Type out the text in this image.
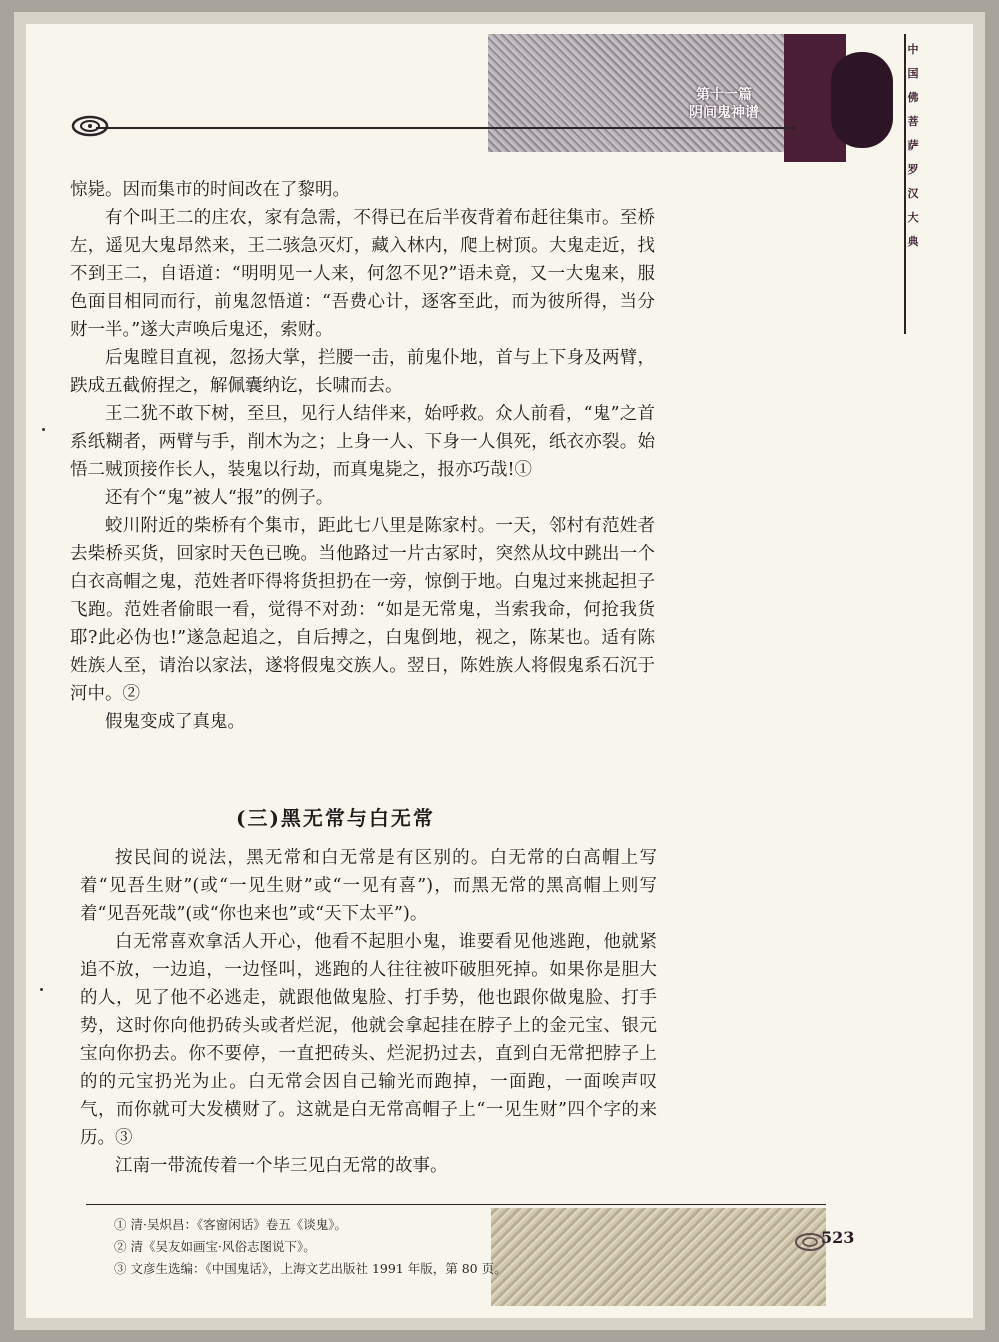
第十一篇
阴间鬼神谱
中国佛菩萨罗汉大典

惊毙。因而集市的时间改在了黎明。

有个叫王二的庄农，家有急需，不得已在后半夜背着布赶往集市。至桥左，遥见大鬼昂然来，王二骇急灭灯，藏入林内，爬上树顶。大鬼走近，找不到王二，自语道：“明明见一人来，何忽不见?”语未竟，又一大鬼来，服色面目相同而行，前鬼忽悟道：“吾费心计，逐客至此，而为彼所得，当分财一半。”遂大声唤后鬼还，索财。

后鬼瞠目直视，忽扬大掌，拦腰一击，前鬼仆地，首与上下身及两臂，跌成五截俯捏之，解佩囊纳讫，长啸而去。

王二犹不敢下树，至旦，见行人结伴来，始呼救。众人前看，“鬼”之首系纸糊者，两臂与手，削木为之；上身一人、下身一人俱死，纸衣亦裂。始悟二贼顶接作长人，装鬼以行劫，而真鬼毙之，报亦巧哉!①

还有个“鬼”被人“报”的例子。

蛟川附近的柴桥有个集市，距此七八里是陈家村。一天，邻村有范姓者去柴桥买货，回家时天色已晚。当他路过一片古冢时，突然从坟中跳出一个白衣高帽之鬼，范姓者吓得将货担扔在一旁，惊倒于地。白鬼过来挑起担子飞跑。范姓者偷眼一看，觉得不对劲：“如是无常鬼，当索我命，何抢我货耶?此必伪也!”遂急起追之，自后搏之，白鬼倒地，视之，陈某也。适有陈姓族人至，请治以家法，遂将假鬼交族人。翌日，陈姓族人将假鬼系石沉于河中。②

假鬼变成了真鬼。

(三)黑无常与白无常

按民间的说法，黑无常和白无常是有区别的。白无常的白高帽上写着“见吾生财”(或“一见生财”或“一见有喜”)，而黑无常的黑高帽上则写着“见吾死哉”(或“你也来也”或“天下太平”)。

白无常喜欢拿活人开心，他看不起胆小鬼，谁要看见他逃跑，他就紧追不放，一边追，一边怪叫，逃跑的人往往被吓破胆死掉。如果你是胆大的人，见了他不必逃走，就跟他做鬼脸、打手势，他也跟你做鬼脸、打手势，这时你向他扔砖头或者烂泥，他就会拿起挂在脖子上的金元宝、银元宝向你扔去。你不要停，一直把砖头、烂泥扔过去，直到白无常把脖子上的的元宝扔光为止。白无常会因自己输光而跑掉，一面跑，一面唉声叹气，而你就可大发横财了。这就是白无常高帽子上“一见生财”四个字的来历。③

江南一带流传着一个毕三见白无常的故事。

① 清·吴炽昌：《客窗闲话》卷五《谈鬼》。

② 清《吴友如画宝·风俗志图说下》。

③ 文彦生选编：《中国鬼话》，上海文艺出版社 1991 年版，第 80 页。

523
